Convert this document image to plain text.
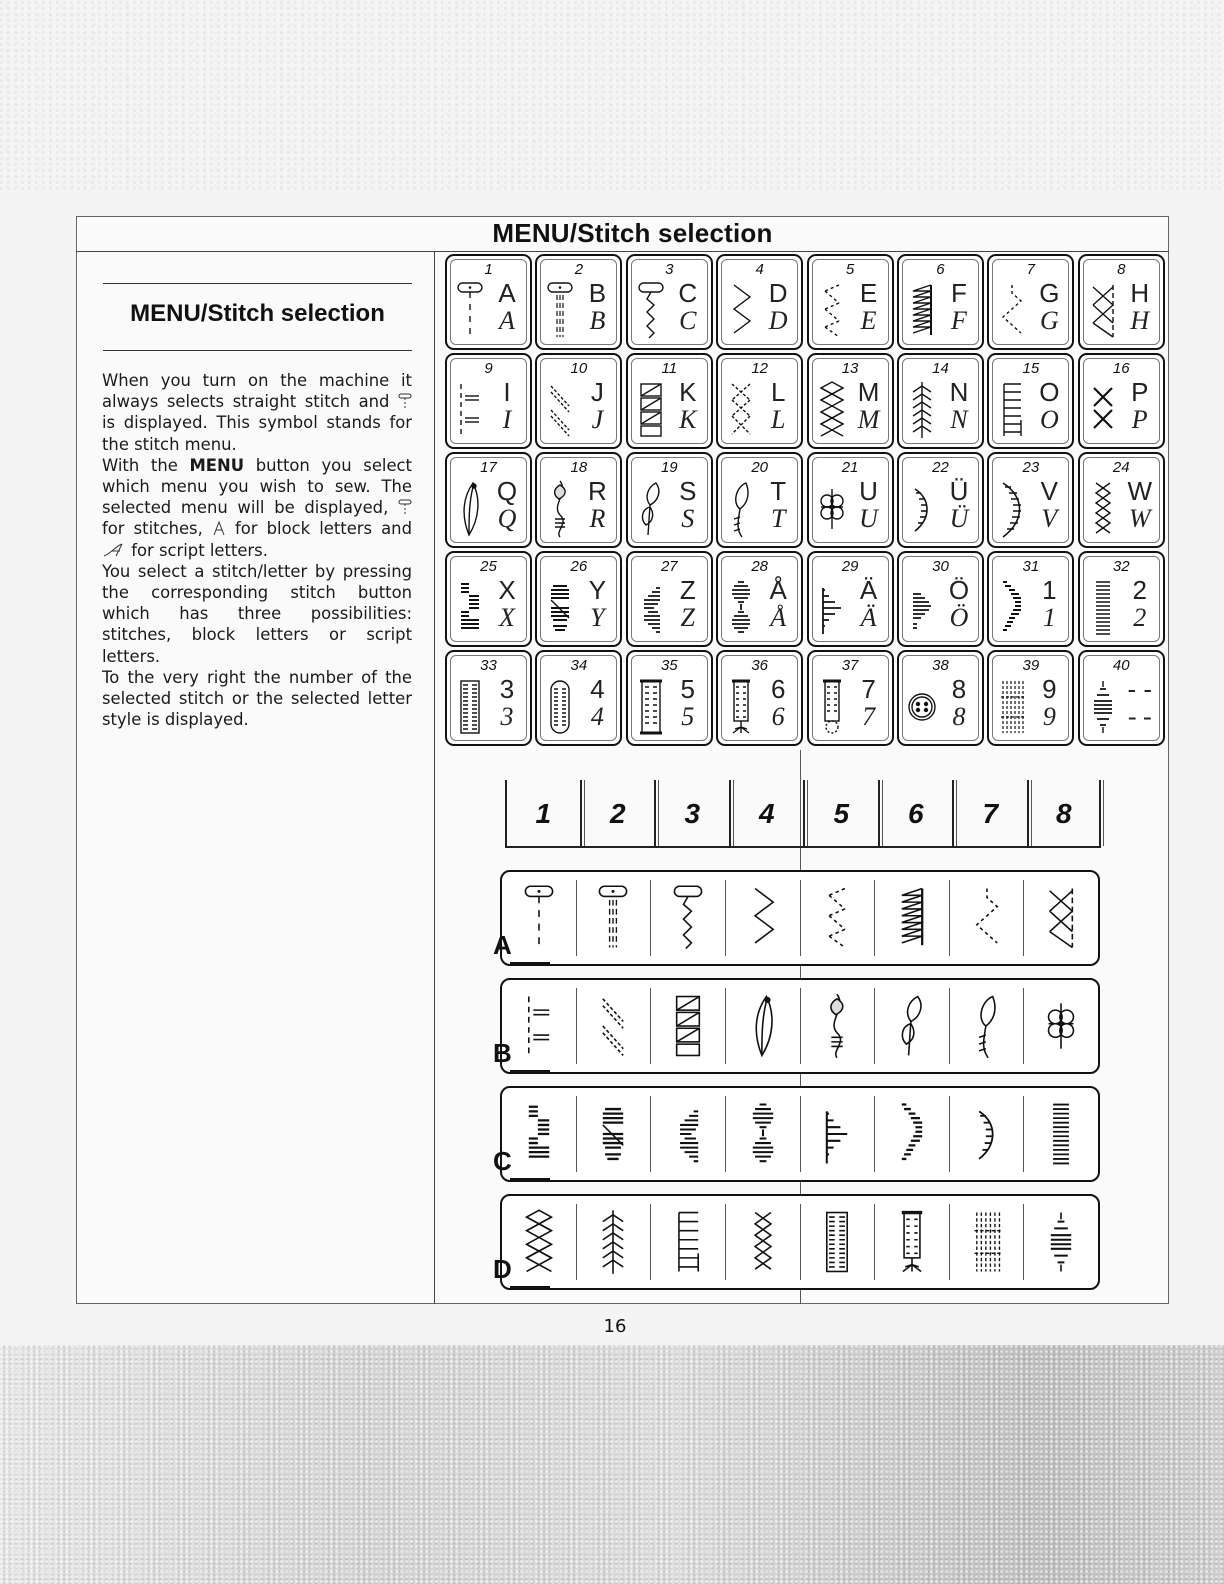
MENU/Stitch selection
MENU/Stitch selection

When you turn on the machine it always selects straight stitch and  is displayed. This symbol stands for the stitch menu.

With the MENU button you select which menu you wish to sew. The selected menu will be displayed,  for stitches, for block letters and  for script letters.

You select a stitch/letter by pressing the corresponding stitch button which has three possibilities: stitches, block letters or script letters.

To the very right the number of the selected stitch or the selected letter style is displayed.

1
A
A
2
B
B
3
C
C
4
D
D
5
E
E
6
F
F
7
G
G
8
H
H
9
I
I
10
J
J
11
K
K
12
L
L
13
M
M
14
N
N
15
O
O
16
P
P
17
Q
Q
18
R
R
19
S
S
20
T
T
21
U
U
22
Ü
Ü
23
V
V
24
W
W
25
X
X
26
Y
Y
27
Z
Z
28
Å
Å
29
Ä
Ä
30
Ö
Ö
31
1
1
32
2
2
33
3
3
34
4
4
35
5
5
36
6
6
37
7
7
38
8
8
39
9
9
40
- -
- -
1	2	3	4	5	6	7	8
A
B
C
D
16
